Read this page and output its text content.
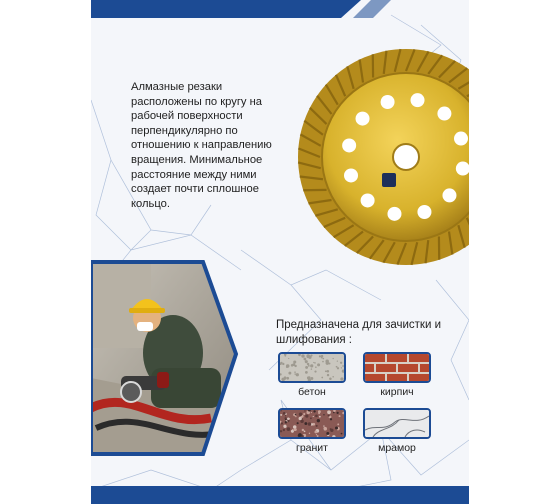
Алмазные резаки расположены по кругу на рабочей поверхности перпендикулярно по отношению к направлению вращения. Минимальное расстояние между ними создает почти сплошное кольцо.

Предназначена для зачистки и шлифования :

бетон	кирпич
гранит	мрамор
